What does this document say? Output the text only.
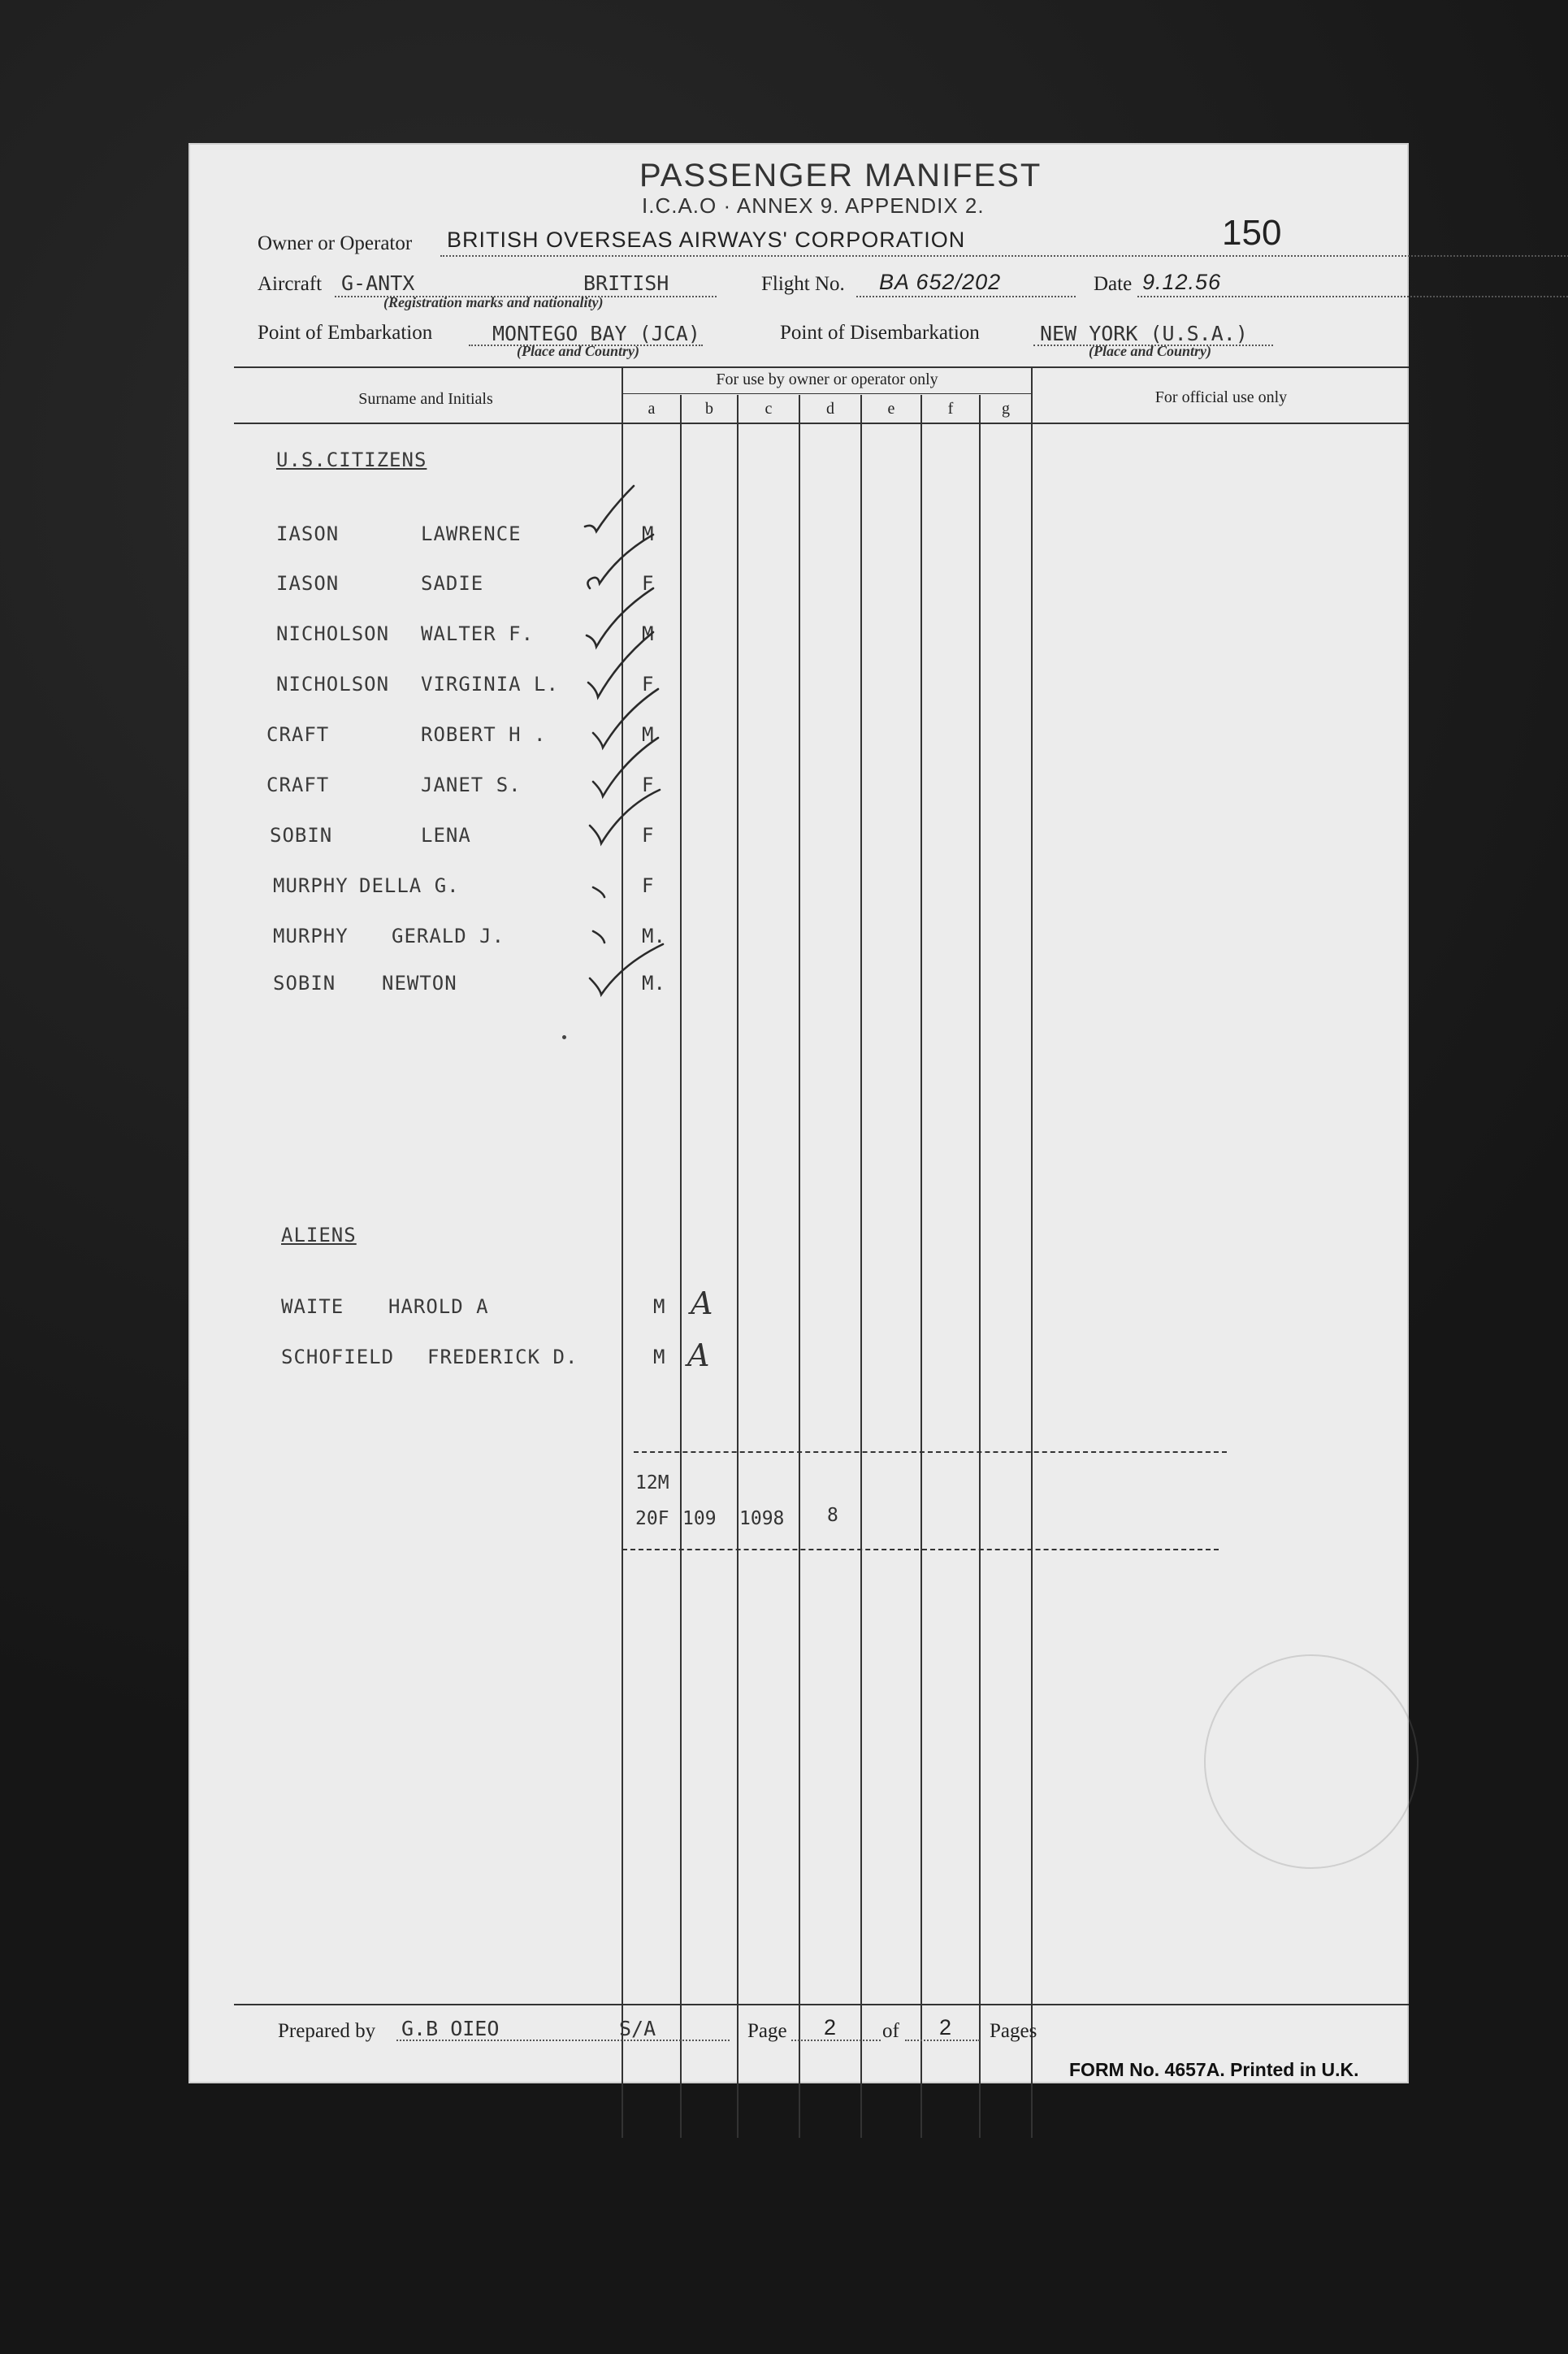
PASSENGER MANIFEST
I.C.A.O · ANNEX 9. APPENDIX 2.
150
Owner or Operator BRITISH OVERSEAS AIRWAYS' CORPORATION
Aircraft G-ANTX	BRITISH
(Registration marks and nationality)
Flight No. BA 652/202	Date 9.12.56
Point of Embarkation	MONTEGO BAY (JCA)
(Place and Country)
Point of Disembarkation	NEW YORK (U.S.A.)
(Place and Country)
Surname and Initials
For use by owner or operator only
For official use only
a	b	c	d	e	f	g
U.S.CITIZENS
IASON	LAWRENCE	M
IASON	SADIE	F
NICHOLSON WALTER F.	M
NICHOLSON VIRGINIA L.	F
CRAFT	ROBERT H .	M
CRAFT	JANET S.	F
SOBIN	LENA	F
MURPHY DELLA G.	F
MURPHY GERALD J.	M.
SOBIN NEWTON	M.
ALIENS
WAITE HAROLD A	M A
SCHOFIELD FREDERICK D.	M A
12M
20F 109 1098 8
Prepared by G.B OIEO	S/A	Page 2 of 2 Pages
FORM No. 4657A. Printed in U.K.
